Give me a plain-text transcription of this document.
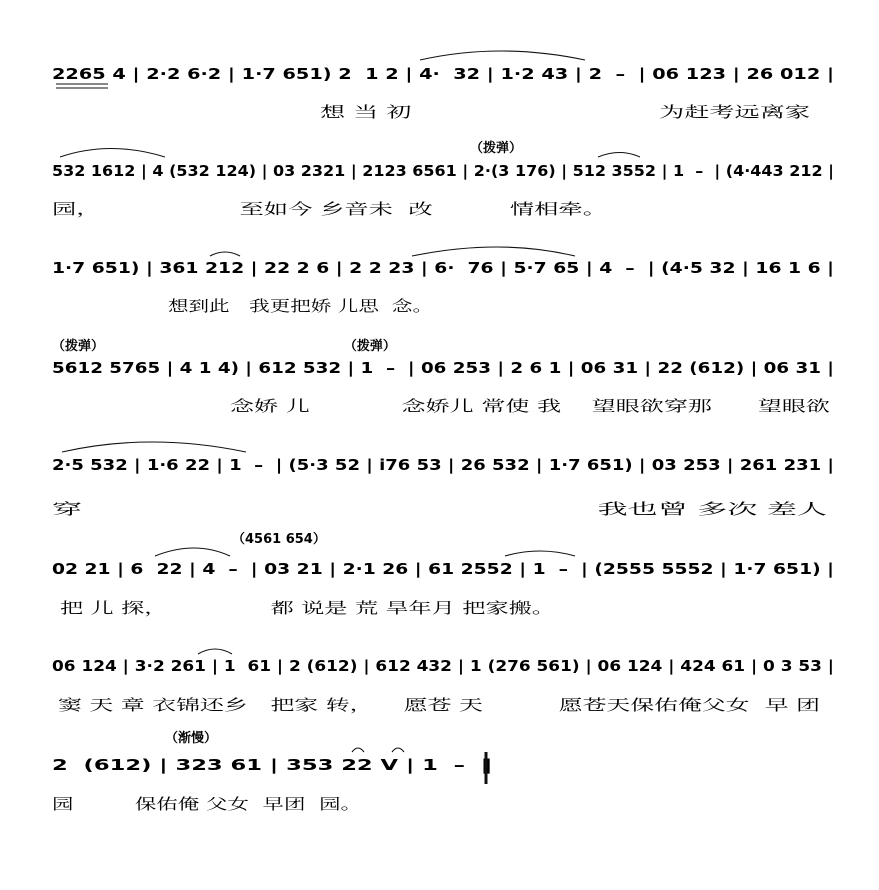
2265 4 | 2·2 6·2 | 1·7 651) 2  1 2 | 4·  32 | 1·2 43 | 2  –  | 06 123 | 26 012 |
想 当 初                               为赶考远离家
（拨弹）
532 1612 | 4 (532 124) | 03 2321 | 2123 6561 | 2·(3 176) | 512 3552 | 1  –  | (4·443 212 |
园，                  至如今 乡音未  改          情相牵。
1·7 651) | 361 212 | 22 2 6 | 2 2 23 | 6·  76 | 5·7 65 | 4  –  | (4·5 32 | 16 1 6 |
想到此   我更把娇 儿思  念。
（拨弹）                                                     （拨弹）
5612 5765 | 4 1 4) | 612 532 | 1  –  | 06 253 | 2 6 1 | 06 31 | 22 (612) | 06 31 |
念娇 儿            念娇儿 常使 我    望眼欲穿那      望眼欲
2·5 532 | 1·6 22 | 1  –  | (5·3 52 | i76 53 | 26 532 | 1·7 651) | 03 253 | 261 231 |
穿                                                      我也曾 多次 差人
（4561 654）
02 21 | 6  22 | 4  –  | 03 21 | 2·1 26 | 61 2552 | 1  –  | (2555 5552 | 1·7 651) |
把 儿 探，              都 说是 荒 旱年月 把家搬。
06 124 | 3·2 261 | 1  61 | 2 (612) | 612 432 | 1 (276 561) | 06 124 | 424 61 | 0 3 53 |
窦 天 章 衣锦还乡   把家 转，    愿苍 天          愿苍天保佑俺父女  早 团
（渐慢）
2  (612) | 323 61 | 353 22 V | 1  –  ‖
园         保佑俺 父女  早团  园。
